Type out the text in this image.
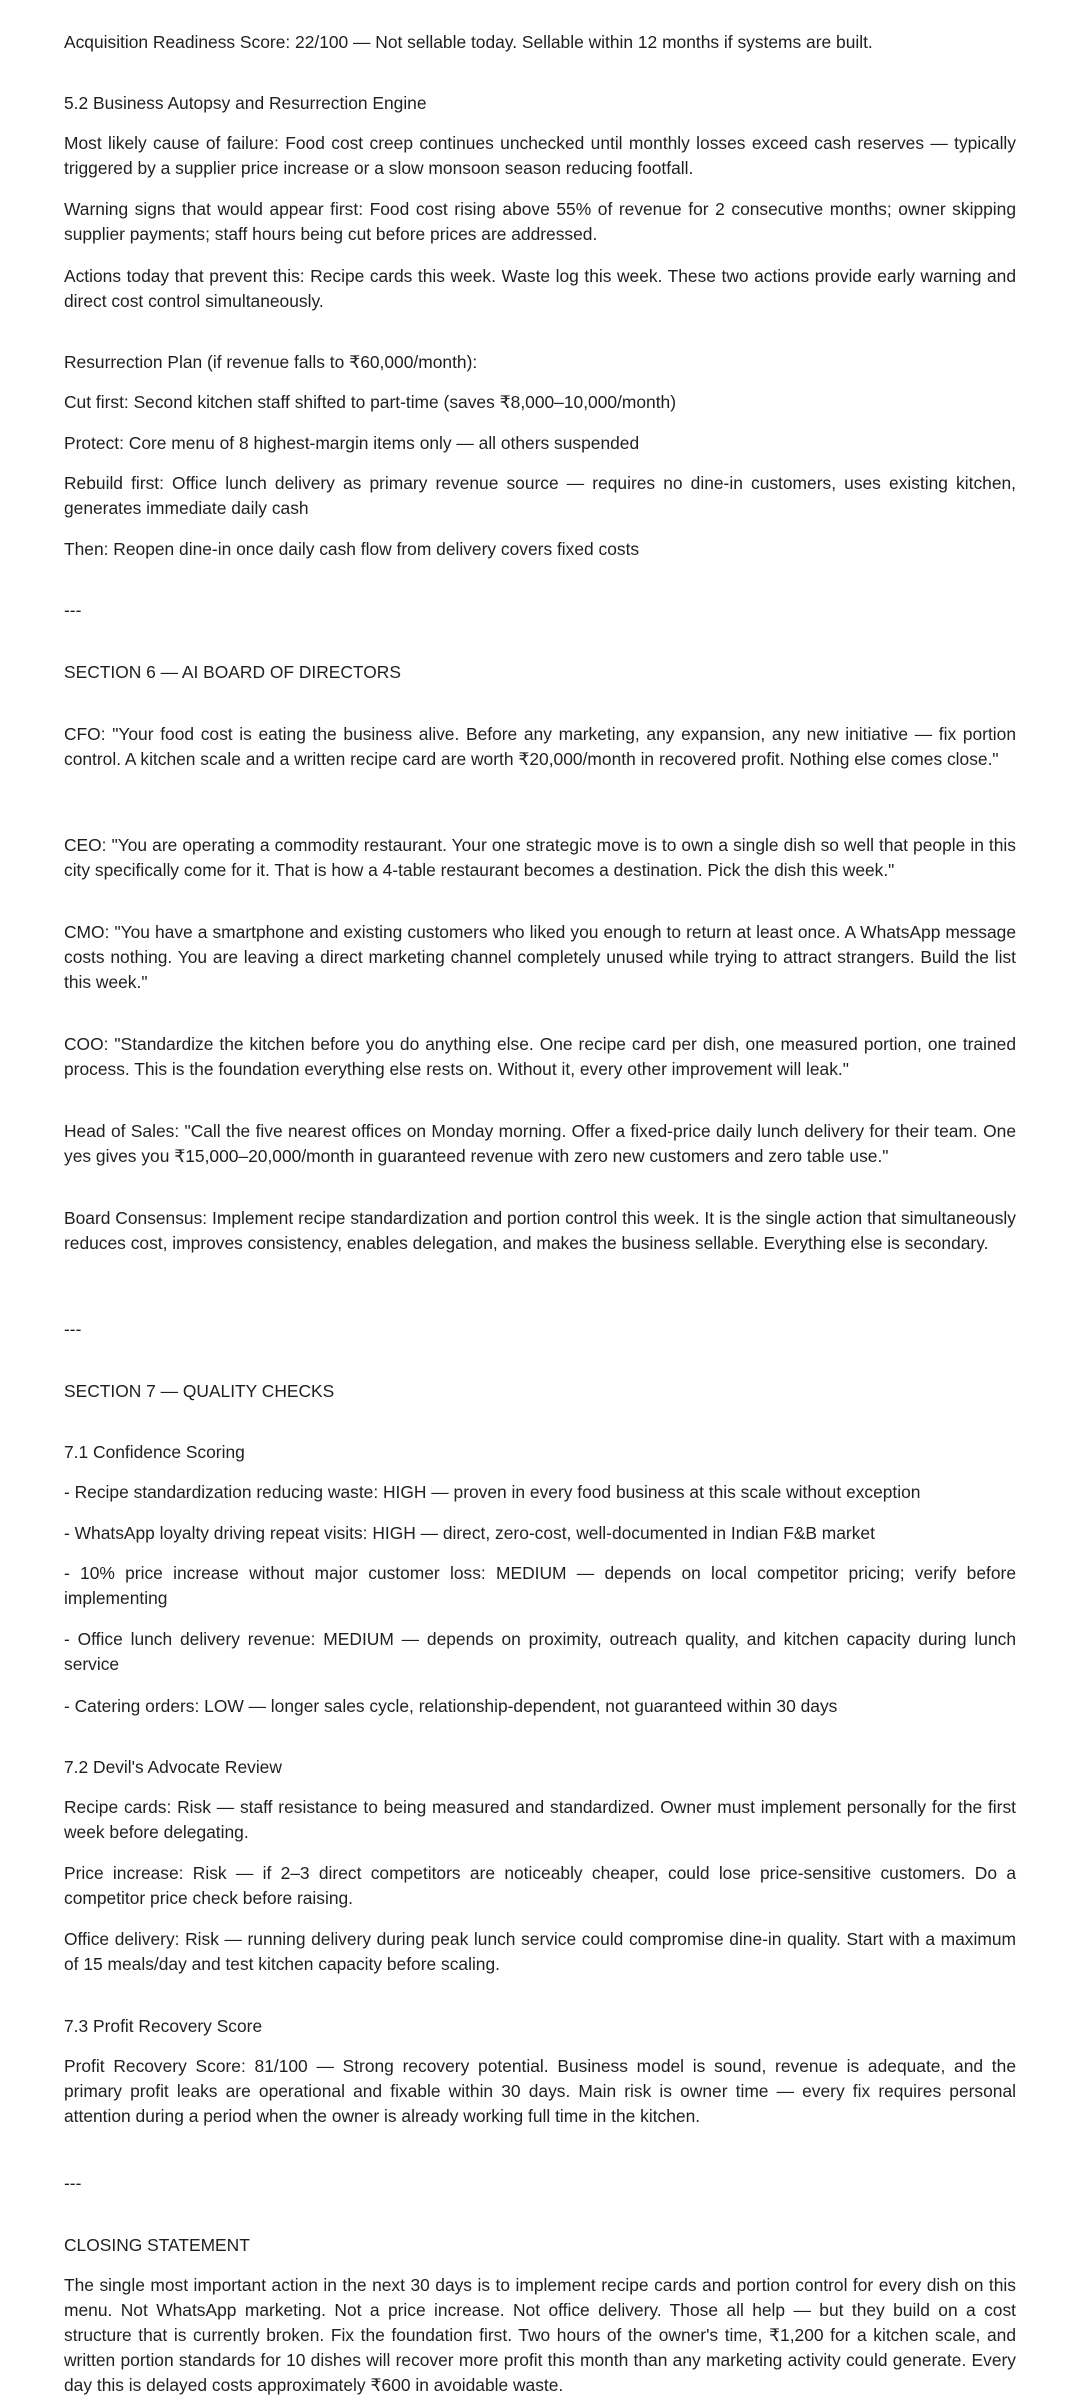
Acquisition Readiness Score: 22/100 — Not sellable today. Sellable within 12 months if systems are built.

5.2 Business Autopsy and Resurrection Engine

Most likely cause of failure: Food cost creep continues unchecked until monthly losses exceed cash reserves — typically triggered by a supplier price increase or a slow monsoon season reducing footfall.

Warning signs that would appear first: Food cost rising above 55% of revenue for 2 consecutive months; owner skipping supplier payments; staff hours being cut before prices are addressed.

Actions today that prevent this: Recipe cards this week. Waste log this week. These two actions provide early warning and direct cost control simultaneously.

Resurrection Plan (if revenue falls to ₹60,000/month):

Cut first: Second kitchen staff shifted to part-time (saves ₹8,000–10,000/month)

Protect: Core menu of 8 highest-margin items only — all others suspended

Rebuild first: Office lunch delivery as primary revenue source — requires no dine-in customers, uses existing kitchen, generates immediate daily cash

Then: Reopen dine-in once daily cash flow from delivery covers fixed costs

---

SECTION 6 — AI BOARD OF DIRECTORS

CFO: "Your food cost is eating the business alive. Before any marketing, any expansion, any new initiative — fix portion control. A kitchen scale and a written recipe card are worth ₹20,000/month in recovered profit. Nothing else comes close."

CEO: "You are operating a commodity restaurant. Your one strategic move is to own a single dish so well that people in this city specifically come for it. That is how a 4-table restaurant becomes a destination. Pick the dish this week."

CMO: "You have a smartphone and existing customers who liked you enough to return at least once. A WhatsApp message costs nothing. You are leaving a direct marketing channel completely unused while trying to attract strangers. Build the list this week."

COO: "Standardize the kitchen before you do anything else. One recipe card per dish, one measured portion, one trained process. This is the foundation everything else rests on. Without it, every other improvement will leak."

Head of Sales: "Call the five nearest offices on Monday morning. Offer a fixed-price daily lunch delivery for their team. One yes gives you ₹15,000–20,000/month in guaranteed revenue with zero new customers and zero table use."

Board Consensus: Implement recipe standardization and portion control this week. It is the single action that simultaneously reduces cost, improves consistency, enables delegation, and makes the business sellable. Everything else is secondary.

---

SECTION 7 — QUALITY CHECKS

7.1 Confidence Scoring

- Recipe standardization reducing waste: HIGH — proven in every food business at this scale without exception

- WhatsApp loyalty driving repeat visits: HIGH — direct, zero-cost, well-documented in Indian F&B market

- 10% price increase without major customer loss: MEDIUM — depends on local competitor pricing; verify before implementing

- Office lunch delivery revenue: MEDIUM — depends on proximity, outreach quality, and kitchen capacity during lunch service

- Catering orders: LOW — longer sales cycle, relationship-dependent, not guaranteed within 30 days

7.2 Devil's Advocate Review

Recipe cards: Risk — staff resistance to being measured and standardized. Owner must implement personally for the first week before delegating.

Price increase: Risk — if 2–3 direct competitors are noticeably cheaper, could lose price-sensitive customers. Do a competitor price check before raising.

Office delivery: Risk — running delivery during peak lunch service could compromise dine-in quality. Start with a maximum of 15 meals/day and test kitchen capacity before scaling.

7.3 Profit Recovery Score

Profit Recovery Score: 81/100 — Strong recovery potential. Business model is sound, revenue is adequate, and the primary profit leaks are operational and fixable within 30 days. Main risk is owner time — every fix requires personal attention during a period when the owner is already working full time in the kitchen.

---

CLOSING STATEMENT

The single most important action in the next 30 days is to implement recipe cards and portion control for every dish on this menu. Not WhatsApp marketing. Not a price increase. Not office delivery. Those all help — but they build on a cost structure that is currently broken. Fix the foundation first. Two hours of the owner's time, ₹1,200 for a kitchen scale, and written portion standards for 10 dishes will recover more profit this month than any marketing activity could generate. Every day this is delayed costs approximately ₹600 in avoidable waste.
